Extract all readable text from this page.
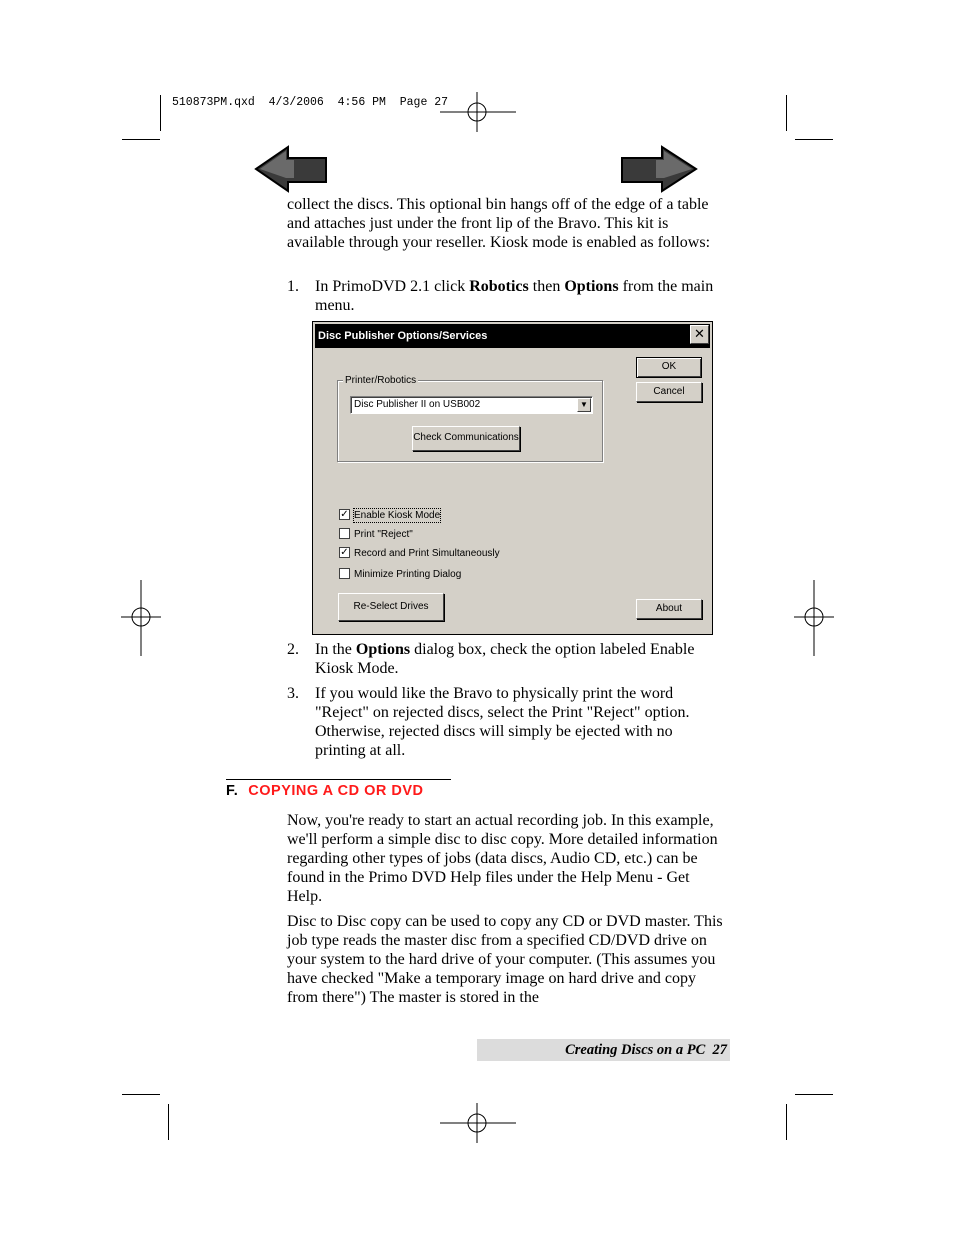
510873PM.qxd  4/3/2006  4:56 PM  Page 27
collect the discs. This optional bin hangs off of the edge of a table and attaches just under the front lip of the Bravo. This kit is available through your reseller. Kiosk mode is enabled as follows:
1. In PrimoDVD 2.1 click Robotics then Options from the main menu.
Disc Publisher Options/Services	✕
OK
Cancel
Printer/Robotics
Disc Publisher II on USB002	▼
Check Communications
✓ Enable Kiosk Mode
Print "Reject"
✓ Record and Print Simultaneously
Minimize Printing Dialog
Re-Select Drives	About
2. In the Options dialog box, check the option labeled Enable Kiosk Mode.
3. If you would like the Bravo to physically print the word "Reject" on rejected discs, select the Print "Reject" option. Otherwise, rejected discs will simply be ejected with no printing at all.
F. COPYING A CD OR DVD
Now, you're ready to start an actual recording job. In this example, we'll perform a simple disc to disc copy. More detailed information regarding other types of jobs (data discs, Audio CD, etc.) can be found in the Primo DVD Help files under the Help Menu - Get Help.
Disc to Disc copy can be used to copy any CD or DVD master. This job type reads the master disc from a specified CD/DVD drive on your system to the hard drive of your computer. (This assumes you have checked "Make a temporary image on hard drive and copy from there") The master is stored in the
Creating Discs on a PC 27
